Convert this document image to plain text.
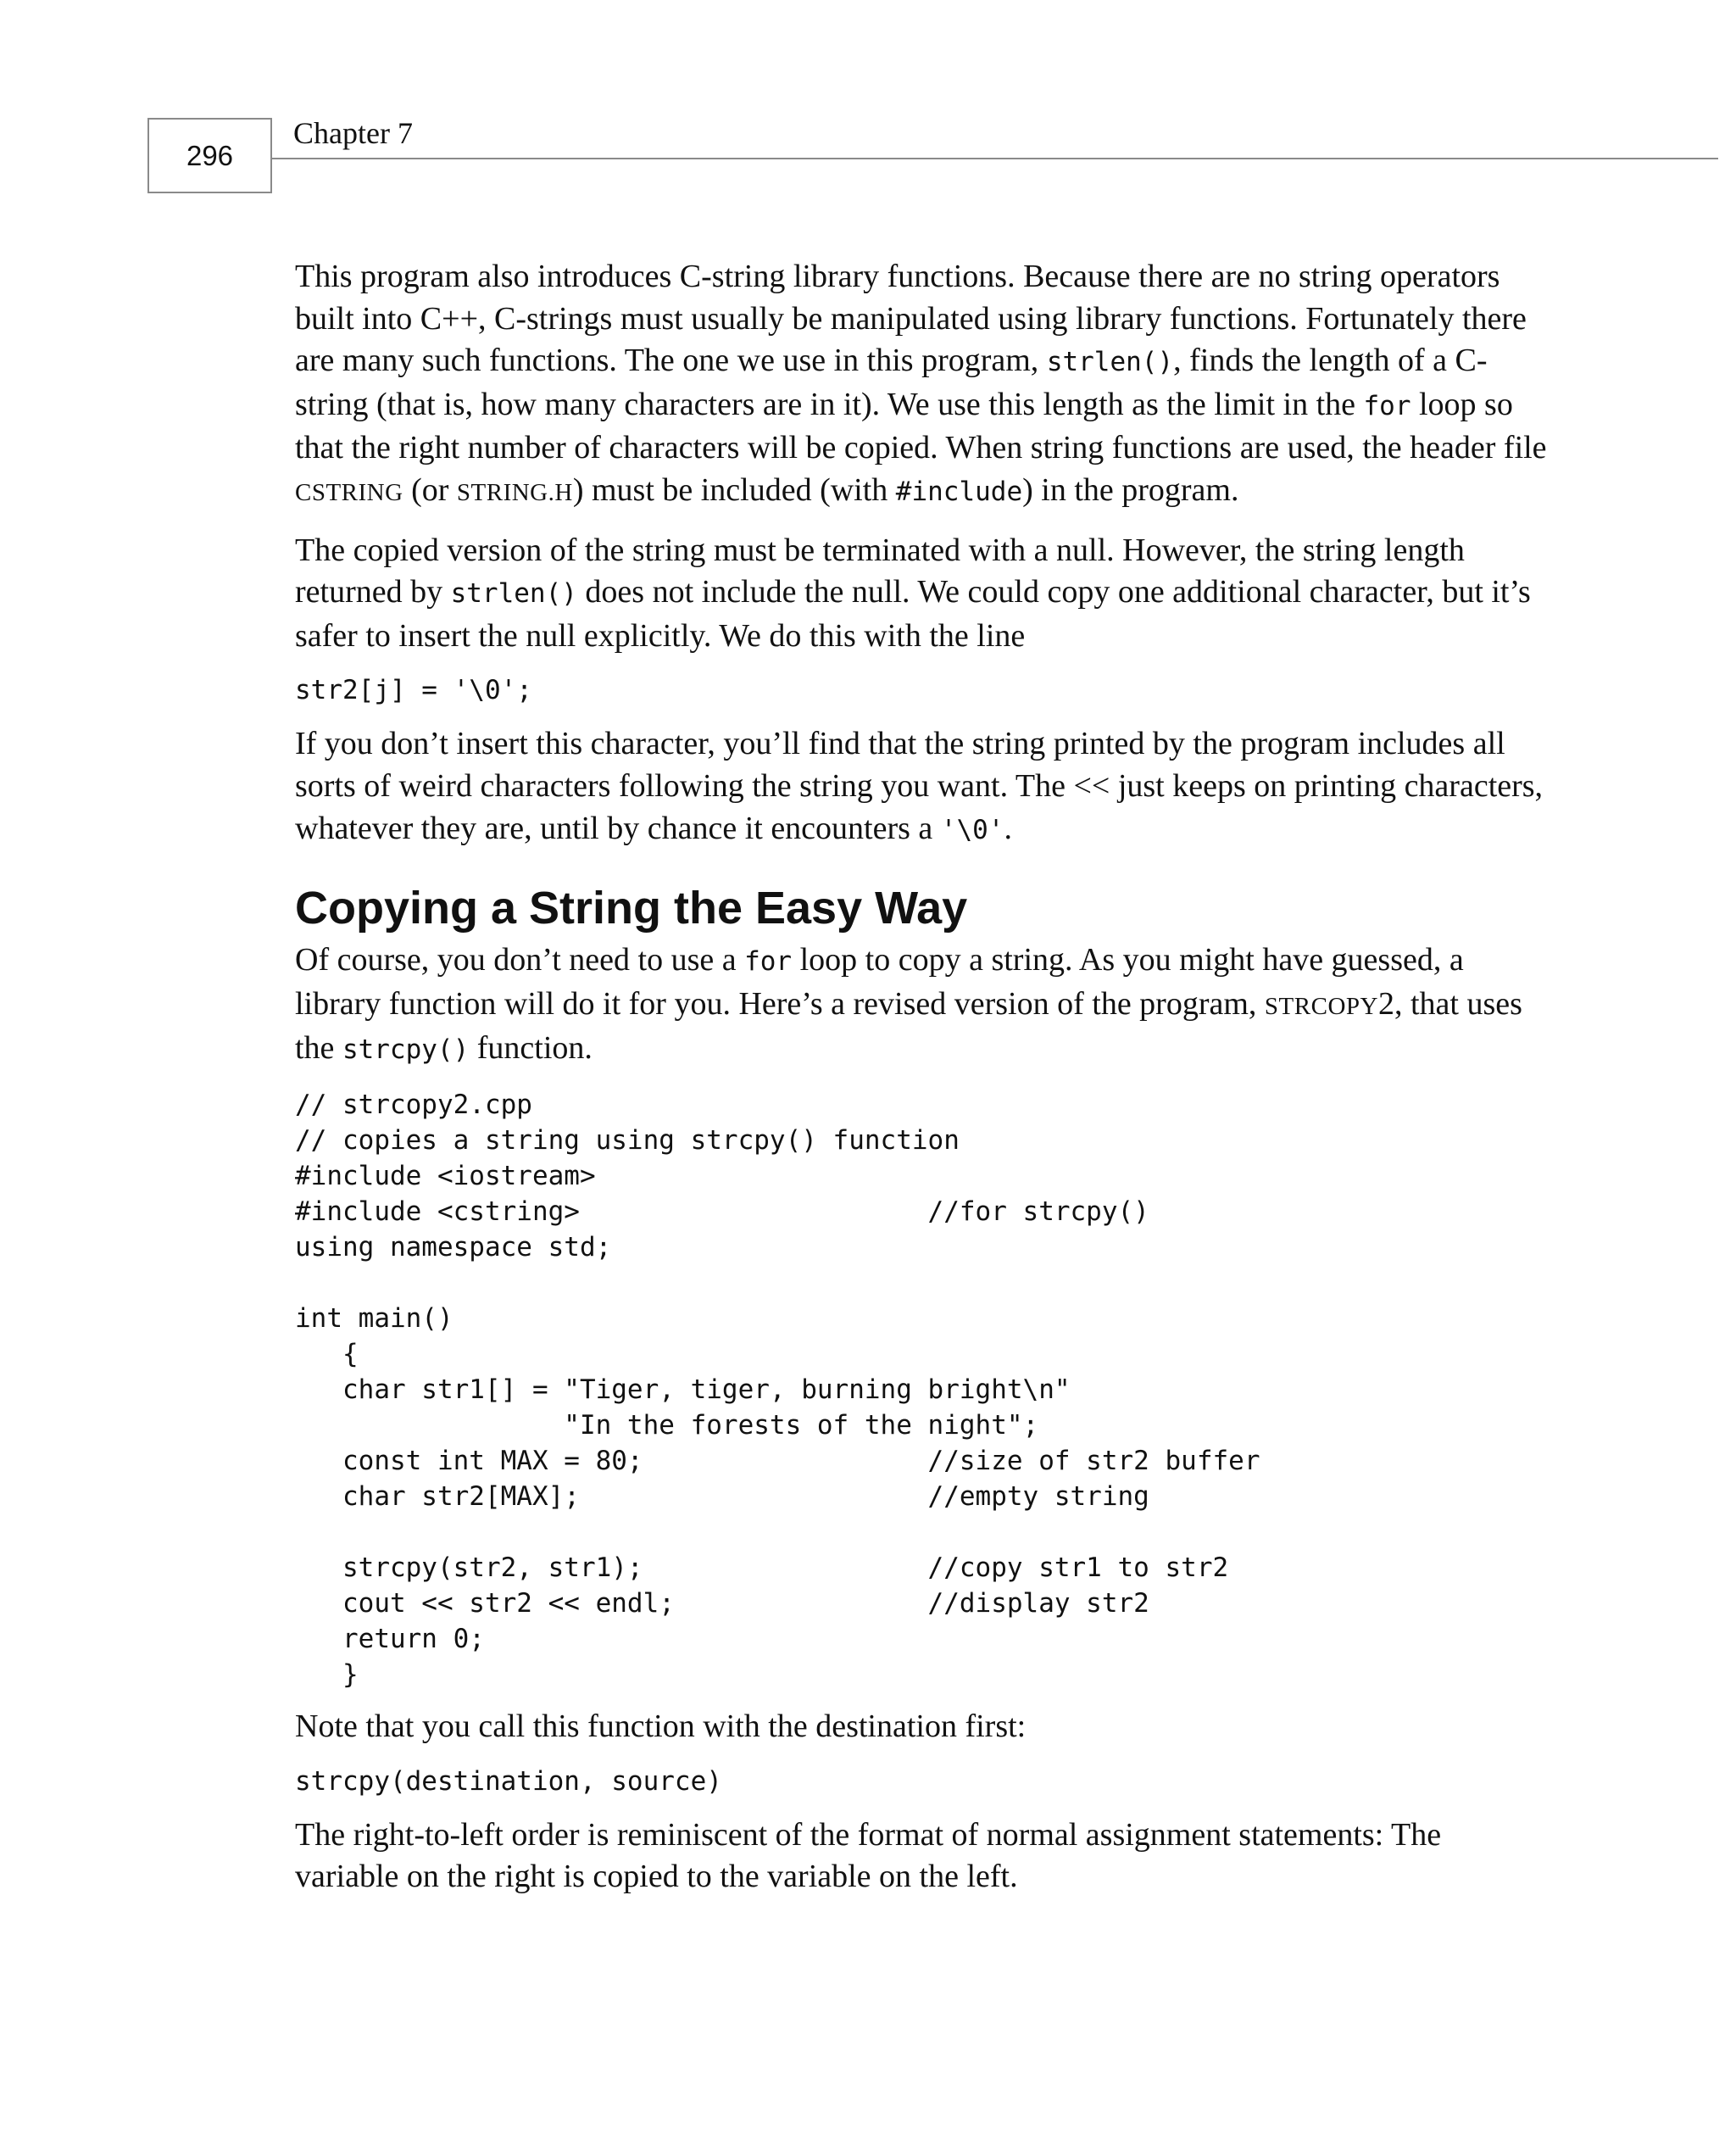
296
Chapter 7

This program also introduces C-string library functions. Because there are no string operators built into C++, C-strings must usually be manipulated using library functions. Fortunately there are many such functions. The one we use in this program, strlen(), finds the length of a C-string (that is, how many characters are in it). We use this length as the limit in the for loop so that the right number of characters will be copied. When string functions are used, the header file CSTRING (or STRING.H) must be included (with #include) in the program.

The copied version of the string must be terminated with a null. However, the string length returned by strlen() does not include the null. We could copy one additional character, but it’s safer to insert the null explicitly. We do this with the line

str2[j] = '\0';

If you don’t insert this character, you’ll find that the string printed by the program includes all sorts of weird characters following the string you want. The << just keeps on printing characters, whatever they are, until by chance it encounters a '\0'.

Copying a String the Easy Way

Of course, you don’t need to use a for loop to copy a string. As you might have guessed, a library function will do it for you. Here’s a revised version of the program, STRCOPY2, that uses the strcpy() function.

// strcopy2.cpp
// copies a string using strcpy() function
#include <iostream>
#include <cstring>                      //for strcpy()
using namespace std;

int main()
{
char str1[] = "Tiger, tiger, burning bright\n"
"In the forests of the night";
const int MAX = 80;                  //size of str2 buffer
char str2[MAX];                      //empty string

strcpy(str2, str1);                  //copy str1 to str2
cout << str2 << endl;                //display str2
return 0;
}

Note that you call this function with the destination first:

strcpy(destination, source)

The right-to-left order is reminiscent of the format of normal assignment statements: The variable on the right is copied to the variable on the left.
